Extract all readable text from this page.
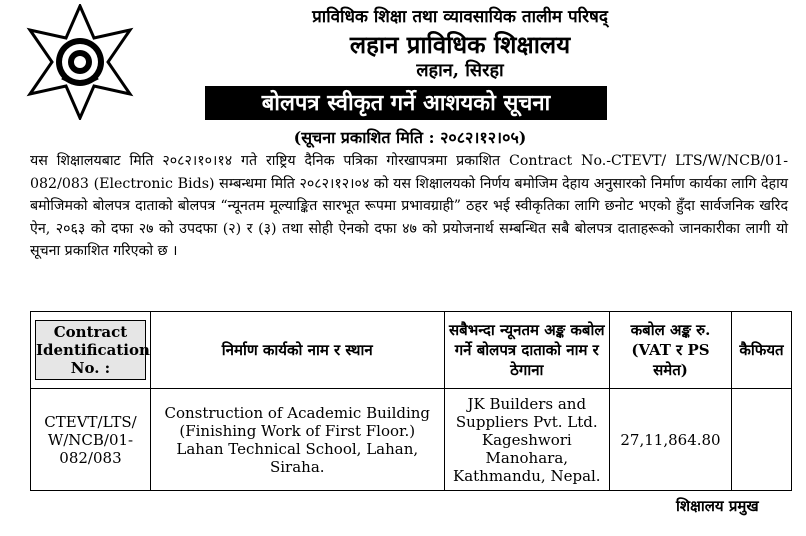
प्राविधिक शिक्षा तथा व्यावसायिक तालीम परिषद्
लहान प्राविधिक शिक्षालय
लहान, सिरहा
बोलपत्र स्वीकृत गर्ने आशयको सूचना
(सूचना प्रकाशित मिति : २०८२।१२।०५)

यस शिक्षालयबाट मिति २०८२।१०।१४ गते राष्ट्रिय दैनिक पत्रिका गोरखापत्रमा प्रकाशित Contract No.-CTEVT/ LTS/W/NCB/01-082/083 (Electronic Bids) सम्बन्धमा मिति २०८२।१२।०४ को यस शिक्षालयको निर्णय बमोजिम देहाय अनुसारको निर्माण कार्यका लागि देहाय बमोजिमको बोलपत्र दाताको बोलपत्र “न्यूनतम मूल्याङ्कित सारभूत रूपमा प्रभावग्राही” ठहर भई स्वीकृतिका लागि छनोट भएको हुँदा सार्वजनिक खरिद ऐन, २०६३ को दफा २७ को उपदफा (२) र (३) तथा सोही ऐनको दफा ४७ को प्रयोजनार्थ सम्बन्धित सबै बोलपत्र दाताहरूको जानकारीका लागी यो सूचना प्रकाशित गरिएको छ ।

Contract Identification No. :	निर्माण कार्यको नाम र स्थान	सबैभन्दा न्यूनतम अङ्क कबोल गर्ने बोलपत्र दाताको नाम र ठेगाना	कबोल अङ्क रु. (VAT र PS समेत)	कैफियत
CTEVT/LTS/ W/NCB/01- 082/083	Construction of Academic Building (Finishing Work of First Floor.) Lahan Technical School, Lahan, Siraha.	JK Builders and Suppliers Pvt. Ltd. Kageshwori Manohara, Kathmandu, Nepal.	27,11,864.80	
शिक्षालय प्रमुख
